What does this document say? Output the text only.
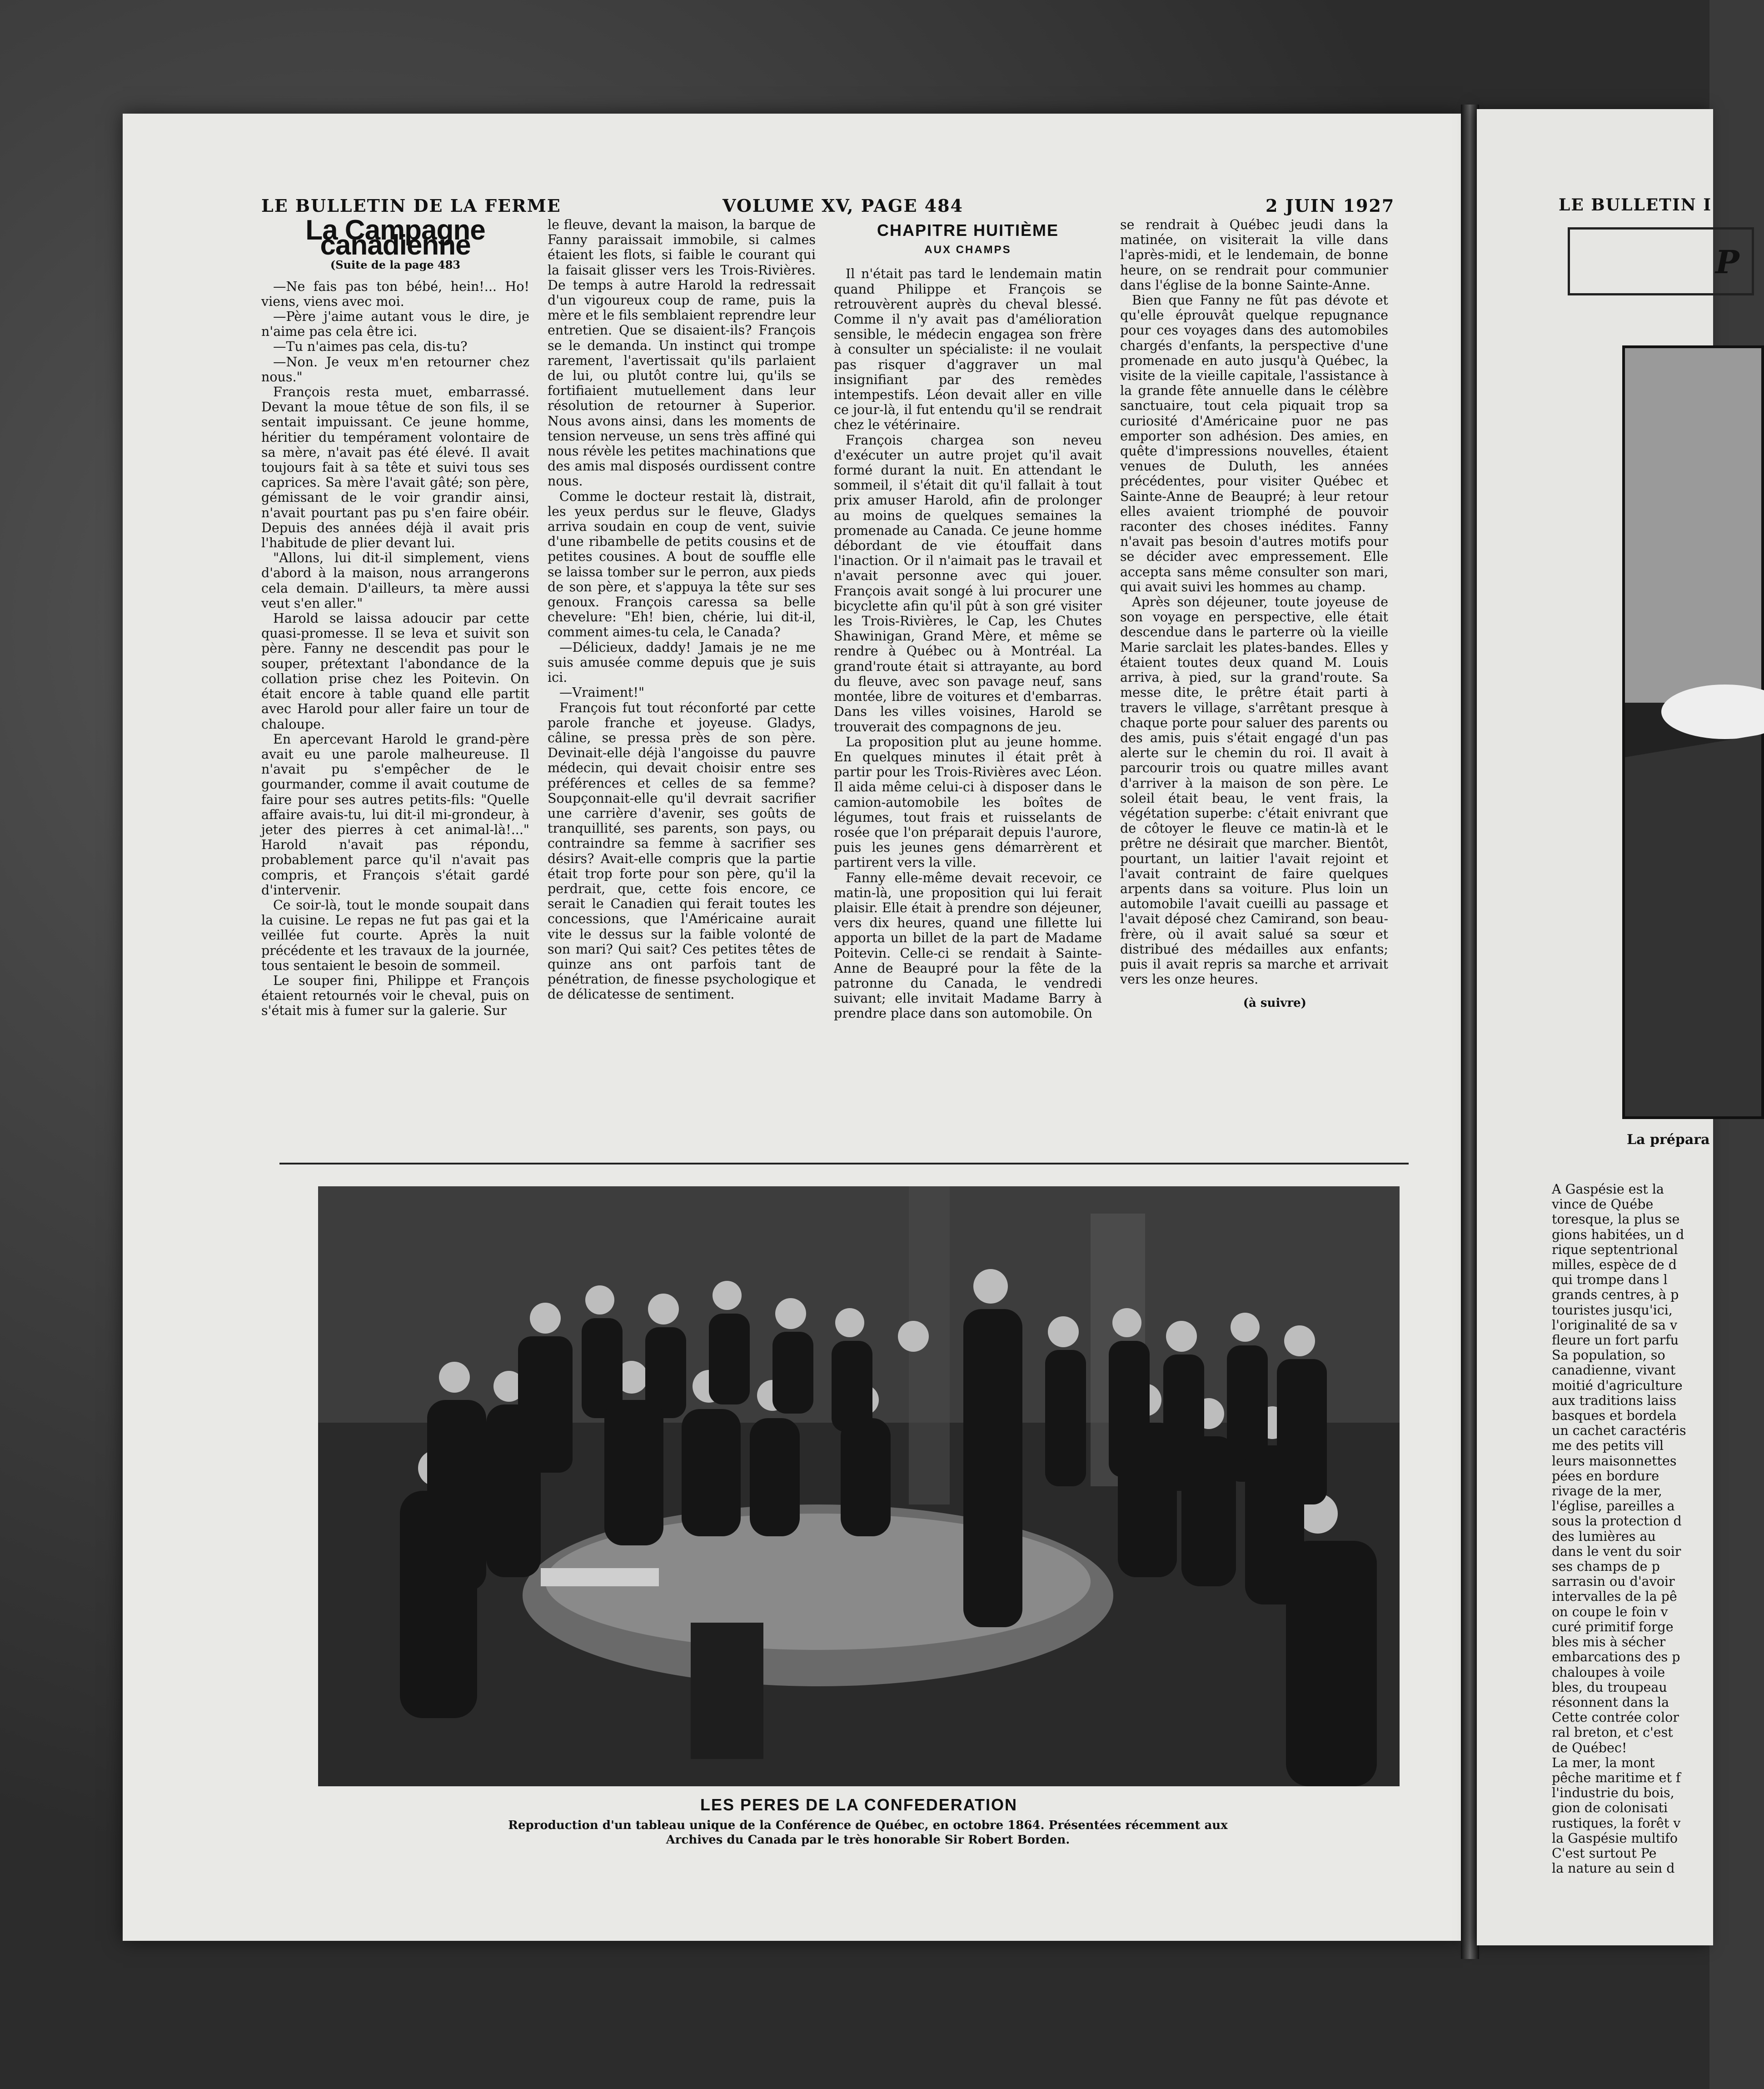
LE BULLETIN DE LA FERME	VOLUME XV, PAGE 484	2 JUIN 1927
La Campagne canadienne
(Suite de la page 483

—Ne fais pas ton bébé, hein!... Ho! viens, viens avec moi.

—Père j'aime autant vous le dire, je n'aime pas cela être ici.

—Tu n'aimes pas cela, dis-tu?

—Non. Je veux m'en retourner chez nous."

François resta muet, embarrassé. Devant la moue têtue de son fils, il se sentait impuissant. Ce jeune homme, héritier du tempérament volontaire de sa mère, n'avait pas été élevé. Il avait toujours fait à sa tête et suivi tous ses caprices. Sa mère l'avait gâté; son père, gémissant de le voir grandir ainsi, n'avait pourtant pas pu s'en faire obéir. Depuis des années déjà il avait pris l'habitude de plier devant lui.

"Allons, lui dit-il simplement, viens d'abord à la maison, nous arrangerons cela demain. D'ailleurs, ta mère aussi veut s'en aller."

Harold se laissa adoucir par cette quasi-promesse. Il se leva et suivit son père. Fanny ne descendit pas pour le souper, prétextant l'abondance de la collation prise chez les Poitevin. On était encore à table quand elle partit avec Harold pour aller faire un tour de chaloupe.

En apercevant Harold le grand-père avait eu une parole malheureuse. Il n'avait pu s'empêcher de le gourmander, comme il avait coutume de faire pour ses autres petits-fils: "Quelle affaire avais-tu, lui dit-il mi-grondeur, à jeter des pierres à cet animal-là!..." Harold n'avait pas répondu, probablement parce qu'il n'avait pas compris, et François s'était gardé d'intervenir.

Ce soir-là, tout le monde soupait dans la cuisine. Le repas ne fut pas gai et la veillée fut courte. Après la nuit précédente et les travaux de la journée, tous sentaient le besoin de sommeil.

Le souper fini, Philippe et François étaient retournés voir le cheval, puis on s'était mis à fumer sur la galerie. Sur

le fleuve, devant la maison, la barque de Fanny paraissait immobile, si calmes étaient les flots, si faible le courant qui la faisait glisser vers les Trois-Rivières. De temps à autre Harold la redressait d'un vigoureux coup de rame, puis la mère et le fils semblaient reprendre leur entretien. Que se disaient-ils? François se le demanda. Un instinct qui trompe rarement, l'avertissait qu'ils parlaient de lui, ou plutôt contre lui, qu'ils se fortifiaient mutuellement dans leur résolution de retourner à Superior. Nous avons ainsi, dans les moments de tension nerveuse, un sens très affiné qui nous révèle les petites machinations que des amis mal disposés ourdissent contre nous.

Comme le docteur restait là, distrait, les yeux perdus sur le fleuve, Gladys arriva soudain en coup de vent, suivie d'une ribambelle de petits cousins et de petites cousines. A bout de souffle elle se laissa tomber sur le perron, aux pieds de son père, et s'appuya la tête sur ses genoux. François caressa sa belle chevelure: "Eh! bien, chérie, lui dit-il, comment aimes-tu cela, le Canada?

—Délicieux, daddy! Jamais je ne me suis amusée comme depuis que je suis ici.

—Vraiment!"

François fut tout réconforté par cette parole franche et joyeuse. Gladys, câline, se pressa près de son père. Devinait-elle déjà l'angoisse du pauvre médecin, qui devait choisir entre ses préférences et celles de sa femme? Soupçonnait-elle qu'il devrait sacrifier une carrière d'avenir, ses goûts de tranquillité, ses parents, son pays, ou contraindre sa femme à sacrifier ses désirs? Avait-elle compris que la partie était trop forte pour son père, qu'il la perdrait, que, cette fois encore, ce serait le Canadien qui ferait toutes les concessions, que l'Américaine aurait vite le dessus sur la faible volonté de son mari? Qui sait? Ces petites têtes de quinze ans ont parfois tant de pénétration, de finesse psychologique et de délicatesse de sentiment.

CHAPITRE HUITIÈME
AUX CHAMPS

Il n'était pas tard le lendemain matin quand Philippe et François se retrouvèrent auprès du cheval blessé. Comme il n'y avait pas d'amélioration sensible, le médecin engagea son frère à consulter un spécialiste: il ne voulait pas risquer d'aggraver un mal insignifiant par des remèdes intempestifs. Léon devait aller en ville ce jour-là, il fut entendu qu'il se rendrait chez le vétérinaire.

François chargea son neveu d'exécuter un autre projet qu'il avait formé durant la nuit. En attendant le sommeil, il s'était dit qu'il fallait à tout prix amuser Harold, afin de prolonger au moins de quelques semaines la promenade au Canada. Ce jeune homme débordant de vie étouffait dans l'inaction. Or il n'aimait pas le travail et n'avait personne avec qui jouer. François avait songé à lui procurer une bicyclette afin qu'il pût à son gré visiter les Trois-Rivières, le Cap, les Chutes Shawinigan, Grand Mère, et même se rendre à Québec ou à Montréal. La grand'route était si attrayante, au bord du fleuve, avec son pavage neuf, sans montée, libre de voitures et d'embarras. Dans les villes voisines, Harold se trouverait des compagnons de jeu.

La proposition plut au jeune homme. En quelques minutes il était prêt à partir pour les Trois-Rivières avec Léon. Il aida même celui-ci à disposer dans le camion-automobile les boîtes de légumes, tout frais et ruisselants de rosée que l'on préparait depuis l'aurore, puis les jeunes gens démarrèrent et partirent vers la ville.

Fanny elle-même devait recevoir, ce matin-là, une proposition qui lui ferait plaisir. Elle était à prendre son déjeuner, vers dix heures, quand une fillette lui apporta un billet de la part de Madame Poitevin. Celle-ci se rendait à Sainte-Anne de Beaupré pour la fête de la patronne du Canada, le vendredi suivant; elle invitait Madame Barry à prendre place dans son automobile. On

se rendrait à Québec jeudi dans la matinée, on visiterait la ville dans l'après-midi, et le lendemain, de bonne heure, on se rendrait pour communier dans l'église de la bonne Sainte-Anne.

Bien que Fanny ne fût pas dévote et qu'elle éprouvât quelque repugnance pour ces voyages dans des automobiles chargés d'enfants, la perspective d'une promenade en auto jusqu'à Québec, la visite de la vieille capitale, l'assistance à la grande fête annuelle dans le célèbre sanctuaire, tout cela piquait trop sa curiosité d'Américaine puor ne pas emporter son adhésion. Des amies, en quête d'impressions nouvelles, étaient venues de Duluth, les années précédentes, pour visiter Québec et Sainte-Anne de Beaupré; à leur retour elles avaient triomphé de pouvoir raconter des choses inédites. Fanny n'avait pas besoin d'autres motifs pour se décider avec empressement. Elle accepta sans même consulter son mari, qui avait suivi les hommes au champ.

Après son déjeuner, toute joyeuse de son voyage en perspective, elle était descendue dans le parterre où la vieille Marie sarclait les plates-bandes. Elles y étaient toutes deux quand M. Louis arriva, à pied, sur la grand'route. Sa messe dite, le prêtre était parti à travers le village, s'arrêtant presque à chaque porte pour saluer des parents ou des amis, puis s'était engagé d'un pas alerte sur le chemin du roi. Il avait à parcourir trois ou quatre milles avant d'arriver à la maison de son père. Le soleil était beau, le vent frais, la végétation superbe: c'était enivrant que de côtoyer le fleuve ce matin-là et le prêtre ne désirait que marcher. Bientôt, pourtant, un laitier l'avait rejoint et l'avait contraint de faire quelques arpents dans sa voiture. Plus loin un automobile l'avait cueilli au passage et l'avait déposé chez Camirand, son beau-frère, où il avait salué sa sœur et distribué des médailles aux enfants; puis il avait repris sa marche et arrivait vers les onze heures.

(à suivre)
LES PERES DE LA CONFEDERATION
Reproduction d'un tableau unique de la Conférence de Québec, en octobre 1864. Présentées récemment aux
Archives du Canada par le très honorable Sir Robert Borden.
LE BULLETIN I
P
La prépara
A Gaspésie est la
vince de Québe
toresque, la plus se
gions habitées, un d
rique septentrional
milles, espèce de d
qui trompe dans l
grands centres, à p
touristes jusqu'ici,
l'originalité de sa v
fleure un fort parfu
Sa population, so
canadienne, vivant
moitié d'agriculture
aux traditions laiss
basques et bordela
un cachet caractéris
me des petits vill
leurs maisonnettes
pées en bordure
rivage de la mer,
l'église, pareilles a
sous la protection d
des lumières au
dans le vent du soir
ses champs de p
sarrasin ou d'avoir
intervalles de la pê
on coupe le foin v
curé primitif forge
bles mis à sécher
embarcations des p
chaloupes à voile
bles, du troupeau
résonnent dans la
Cette contrée color
ral breton, et c'est
de Québec!
La mer, la mont
pêche maritime et f
l'industrie du bois,
gion de colonisati
rustiques, la forêt v
la Gaspésie multifo
C'est surtout Pe
la nature au sein d
